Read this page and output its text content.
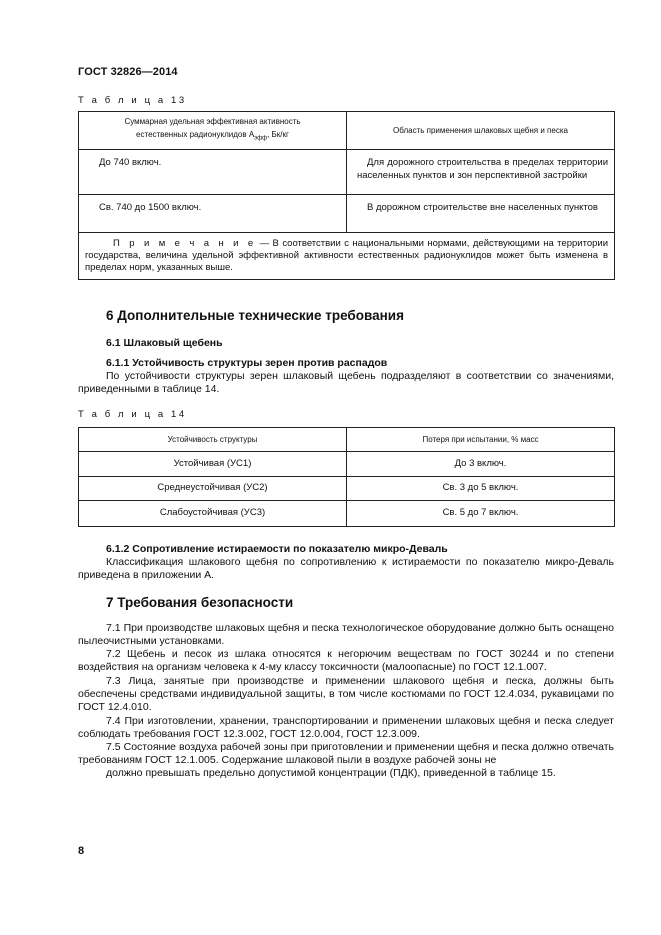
ГОСТ 32826—2014
Т а б л и ц а 13
Суммарная удельная эффективная активность
естественных радионуклидов $A_{эфф}$, Бк/кг	Область применения шлаковых щебня и песка
До 740 включ.	Для дорожного строительства в пределах территории населенных пунктов и зон перспективной застройки
Св. 740 до 1500 включ.	В дорожном строительстве вне населенных пунктов
П р и м е ч а н и е — В соответствии с национальными нормами, действующими на территории государства, величина удельной эффективной активности естественных радионуклидов может быть изменена в пределах норм, указанных выше.	
6 Дополнительные технические требования
6.1 Шлаковый щебень
6.1.1 Устойчивость структуры зерен против распадов
По устойчивости структуры зерен шлаковый щебень подразделяют в соответствии со значениями, приведенными в таблице 14.
Т а б л и ц а 14
Устойчивость структуры	Потеря при испытании, % масс
Устойчивая (УС1)	До 3 включ.
Среднеустойчивая (УС2)	Св. 3 до 5 включ.
Слабоустойчивая (УС3)	Св. 5 до 7 включ.
6.1.2 Сопротивление истираемости по показателю микро-Деваль
Классификация шлакового щебня по сопротивлению к истираемости по показателю микро-Деваль приведена в приложении А.
7 Требования безопасности
7.1 При производстве шлаковых щебня и песка технологическое оборудование должно быть оснащено пылеочистными установками.
7.2 Щебень и песок из шлака относятся к негорючим веществам по ГОСТ 30244 и по степени воздействия на организм человека к 4-му классу токсичности (малоопасные) по ГОСТ 12.1.007.
7.3 Лица, занятые при производстве и применении шлакового щебня и песка, должны быть обеспечены средствами индивидуальной защиты, в том числе костюмами по ГОСТ 12.4.034, рукавицами по ГОСТ 12.4.010.
7.4 При изготовлении, хранении, транспортировании и применении шлаковых щебня и песка следует соблюдать требования ГОСТ 12.3.002, ГОСТ 12.0.004, ГОСТ 12.3.009.
7.5 Состояние воздуха рабочей зоны при приготовлении и применении щебня и песка должно отвечать требованиям ГОСТ 12.1.005. Содержание шлаковой пыли в воздухе рабочей зоны не
должно превышать предельно допустимой концентрации (ПДК), приведенной в таблице 15.
8
